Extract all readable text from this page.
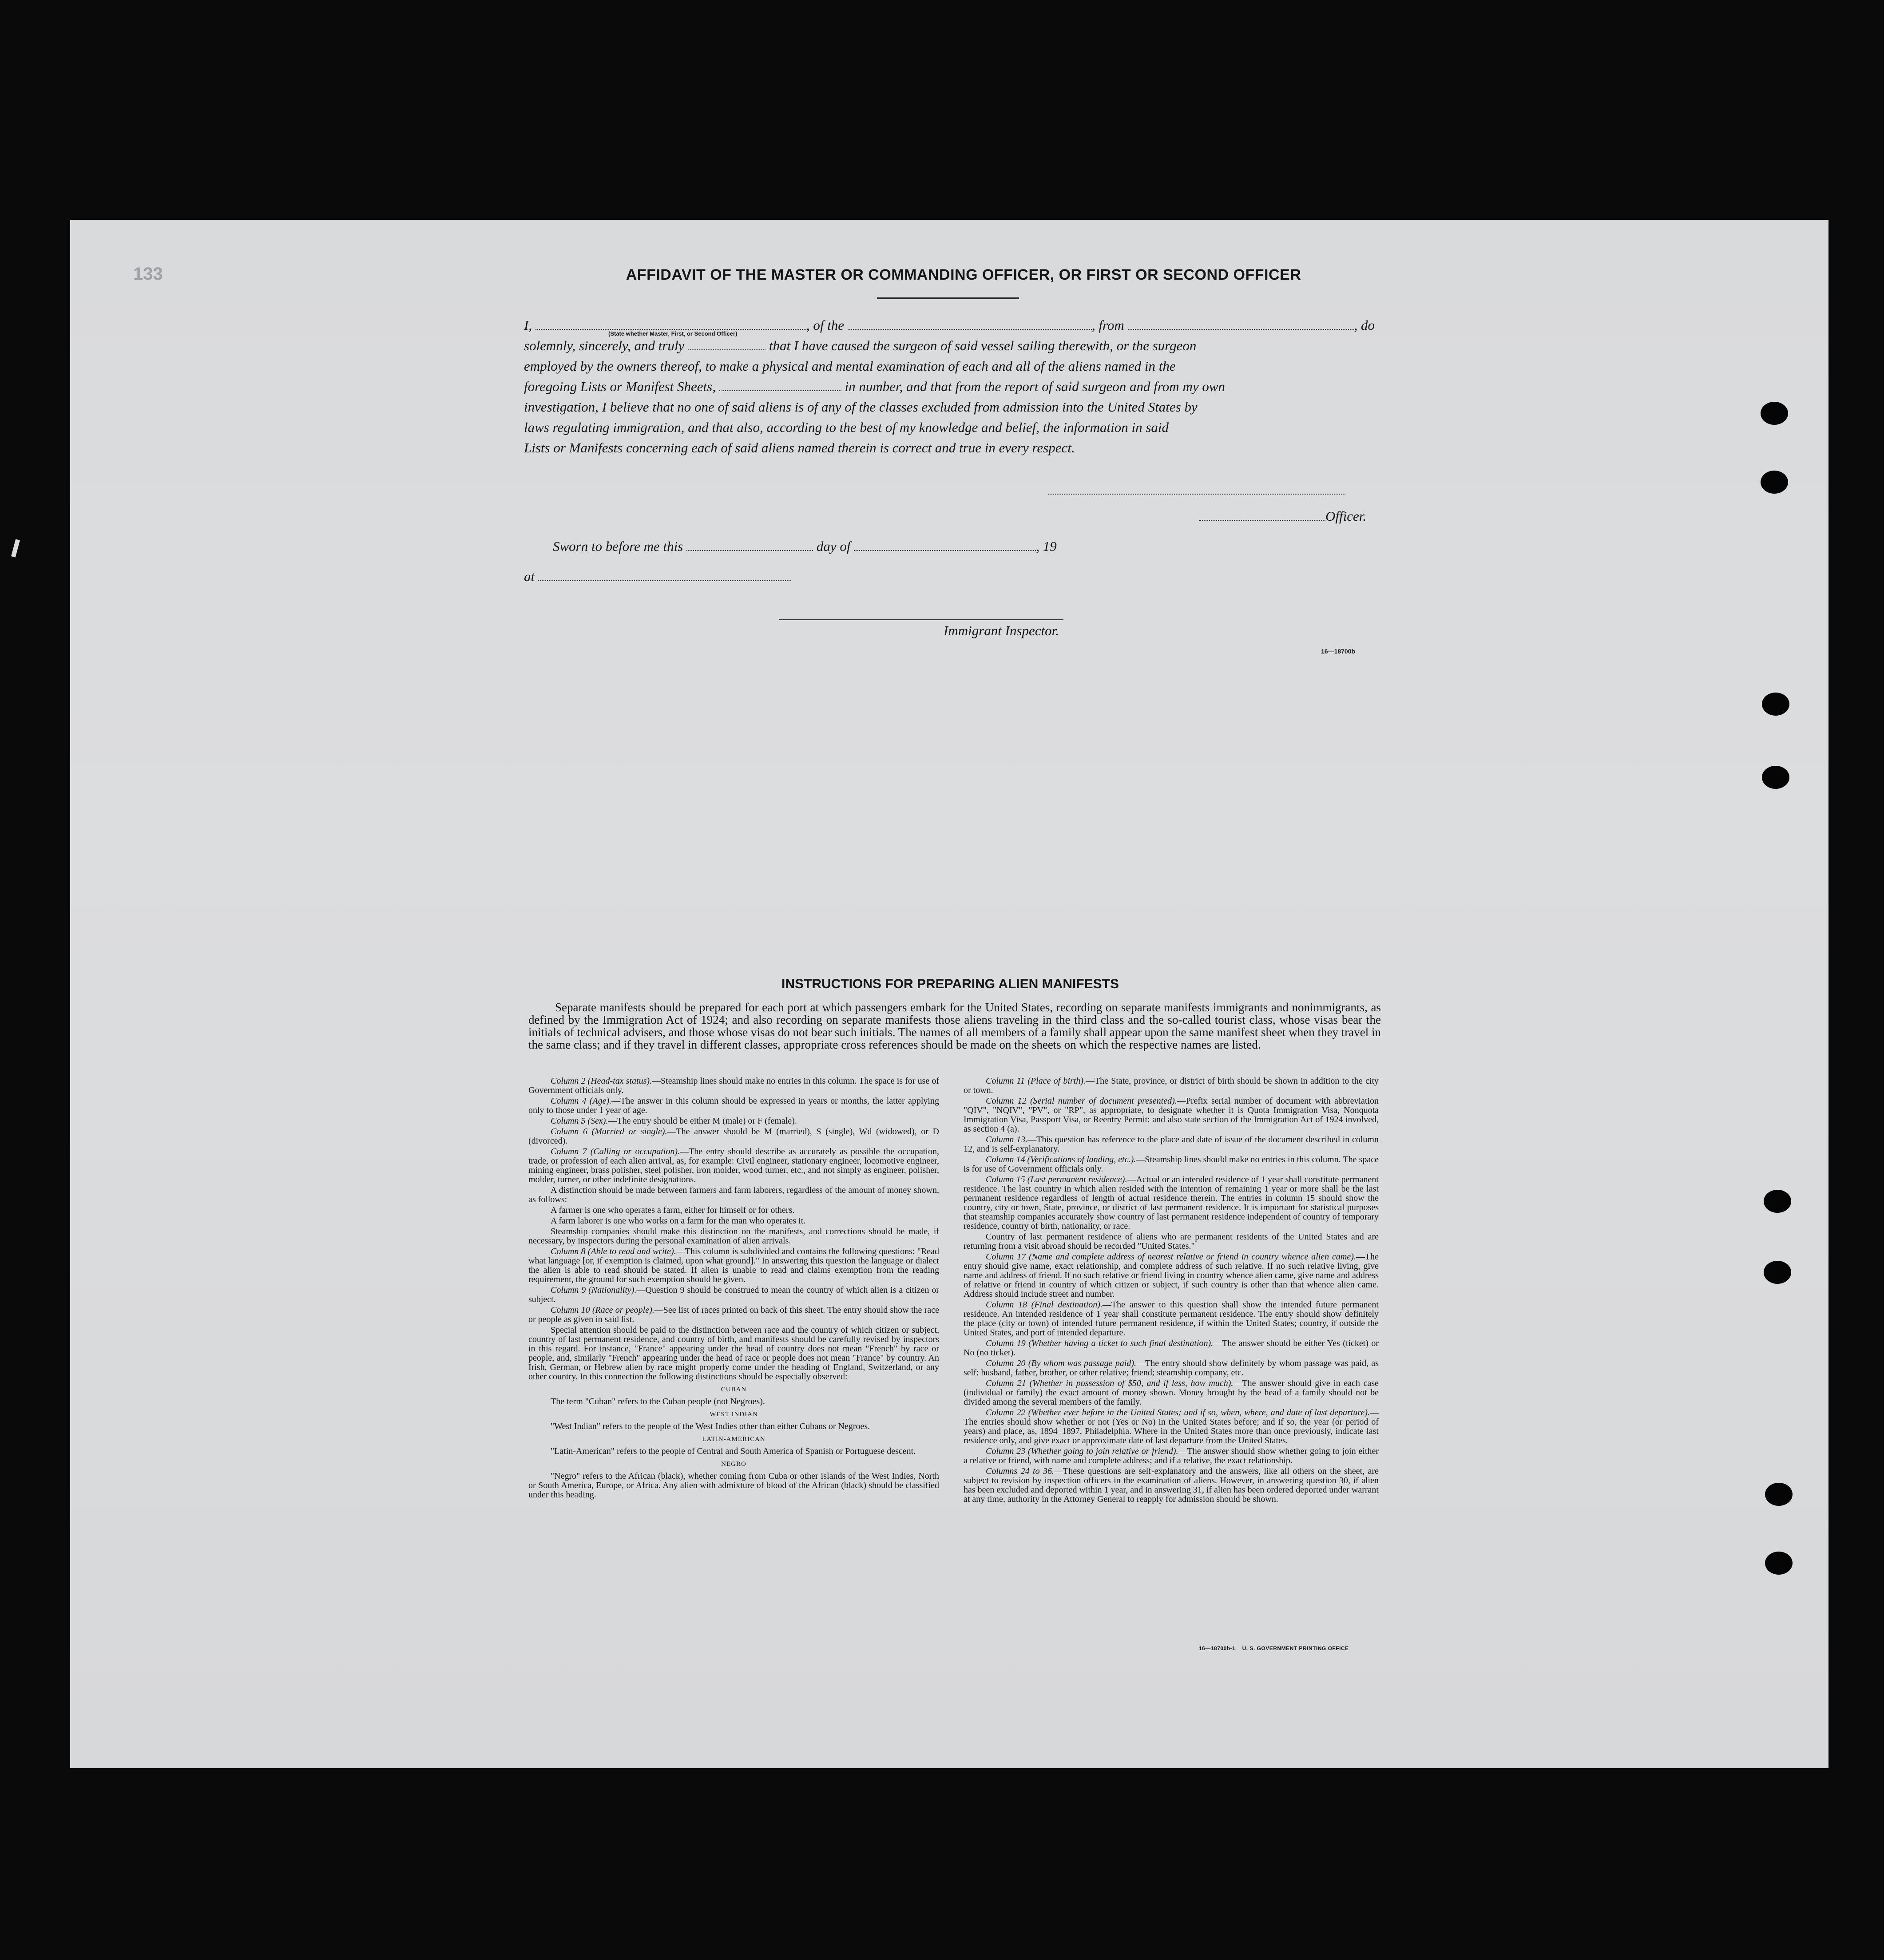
133	AFFIDAVIT OF THE MASTER OR COMMANDING OFFICER, OR FIRST OR SECOND OFFICER
I,	, of the	, from	, do
(State whether Master, First, or Second Officer)
solemnly, sincerely, and truly	that I have caused the surgeon of said vessel sailing therewith, or the surgeon
employed by the owners thereof, to make a physical and mental examination of each and all of the aliens named in the
foregoing Lists or Manifest Sheets,	in number, and that from the report of said surgeon and from my own
investigation, I believe that no one of said aliens is of any of the classes excluded from admission into the United States by
laws regulating immigration, and that also, according to the best of my knowledge and belief, the information in said
Lists or Manifests concerning each of said aliens named therein is correct and true in every respect.
Officer.
Sworn to before me this	day of	, 19
at
Immigrant Inspector.
16—18700b
INSTRUCTIONS FOR PREPARING ALIEN MANIFESTS
Separate manifests should be prepared for each port at which passengers embark for the United States, recording on separate manifests immigrants and nonimmigrants, as defined by the Immigration Act of 1924; and also recording on separate manifests those aliens traveling in the third class and the so-called tourist class, whose visas bear the initials of technical advisers, and those whose visas do not bear such initials. The names of all members of a family shall appear upon the same manifest sheet when they travel in the same class; and if they travel in different classes, appropriate cross references should be made on the sheets on which the respective names are listed.

Column 2 (Head-tax status).—Steamship lines should make no entries in this column. The space is for use of Government officials only.

Column 4 (Age).—The answer in this column should be expressed in years or months, the latter applying only to those under 1 year of age.

Column 5 (Sex).—The entry should be either M (male) or F (female).

Column 6 (Married or single).—The answer should be M (married), S (single), Wd (widowed), or D (divorced).

Column 7 (Calling or occupation).—The entry should describe as accurately as possible the occupation, trade, or profession of each alien arrival, as, for example: Civil engineer, stationary engineer, locomotive engineer, mining engineer, brass polisher, steel polisher, iron molder, wood turner, etc., and not simply as engineer, polisher, molder, turner, or other indefinite designations.

A distinction should be made between farmers and farm laborers, regardless of the amount of money shown, as follows:

A farmer is one who operates a farm, either for himself or for others.

A farm laborer is one who works on a farm for the man who operates it.

Steamship companies should make this distinction on the manifests, and corrections should be made, if necessary, by inspectors during the personal examination of alien arrivals.

Column 8 (Able to read and write).—This column is subdivided and contains the following questions: "Read what language [or, if exemption is claimed, upon what ground]." In answering this question the language or dialect the alien is able to read should be stated. If alien is unable to read and claims exemption from the reading requirement, the ground for such exemption should be given.

Column 9 (Nationality).—Question 9 should be construed to mean the country of which alien is a citizen or subject.

Column 10 (Race or people).—See list of races printed on back of this sheet. The entry should show the race or people as given in said list.

Special attention should be paid to the distinction between race and the country of which citizen or subject, country of last permanent residence, and country of birth, and manifests should be carefully revised by inspectors in this regard. For instance, "France" appearing under the head of country does not mean "French" by race or people, and, similarly "French" appearing under the head of race or people does not mean "France" by country. An Irish, German, or Hebrew alien by race might properly come under the heading of England, Switzerland, or any other country. In this connection the following distinctions should be especially observed:

CUBAN

The term "Cuban" refers to the Cuban people (not Negroes).

WEST INDIAN

"West Indian" refers to the people of the West Indies other than either Cubans or Negroes.

LATIN-AMERICAN

"Latin-American" refers to the people of Central and South America of Spanish or Portuguese descent.

NEGRO

"Negro" refers to the African (black), whether coming from Cuba or other islands of the West Indies, North or South America, Europe, or Africa. Any alien with admixture of blood of the African (black) should be classified under this heading.

Column 11 (Place of birth).—The State, province, or district of birth should be shown in addition to the city or town.

Column 12 (Serial number of document presented).—Prefix serial number of document with abbreviation "QIV", "NQIV", "PV", or "RP", as appropriate, to designate whether it is Quota Immigration Visa, Nonquota Immigration Visa, Passport Visa, or Reentry Permit; and also state section of the Immigration Act of 1924 involved, as section 4 (a).

Column 13.—This question has reference to the place and date of issue of the document described in column 12, and is self-explanatory.

Column 14 (Verifications of landing, etc.).—Steamship lines should make no entries in this column. The space is for use of Government officials only.

Column 15 (Last permanent residence).—Actual or an intended residence of 1 year shall constitute permanent residence. The last country in which alien resided with the intention of remaining 1 year or more shall be the last permanent residence regardless of length of actual residence therein. The entries in column 15 should show the country, city or town, State, province, or district of last permanent residence. It is important for statistical purposes that steamship companies accurately show country of last permanent residence independent of country of temporary residence, country of birth, nationality, or race.

Country of last permanent residence of aliens who are permanent residents of the United States and are returning from a visit abroad should be recorded "United States."

Column 17 (Name and complete address of nearest relative or friend in country whence alien came).—The entry should give name, exact relationship, and complete address of such relative. If no such relative living, give name and address of friend. If no such relative or friend living in country whence alien came, give name and address of relative or friend in country of which citizen or subject, if such country is other than that whence alien came. Address should include street and number.

Column 18 (Final destination).—The answer to this question shall show the intended future permanent residence. An intended residence of 1 year shall constitute permanent residence. The entry should show definitely the place (city or town) of intended future permanent residence, if within the United States; country, if outside the United States, and port of intended departure.

Column 19 (Whether having a ticket to such final destination).—The answer should be either Yes (ticket) or No (no ticket).

Column 20 (By whom was passage paid).—The entry should show definitely by whom passage was paid, as self; husband, father, brother, or other relative; friend; steamship company, etc.

Column 21 (Whether in possession of $50, and if less, how much).—The answer should give in each case (individual or family) the exact amount of money shown. Money brought by the head of a family should not be divided among the several members of the family.

Column 22 (Whether ever before in the United States; and if so, when, where, and date of last departure).—The entries should show whether or not (Yes or No) in the United States before; and if so, the year (or period of years) and place, as, 1894–1897, Philadelphia. Where in the United States more than once previously, indicate last residence only, and give exact or approximate date of last departure from the United States.

Column 23 (Whether going to join relative or friend).—The answer should show whether going to join either a relative or friend, with name and complete address; and if a relative, the exact relationship.

Columns 24 to 36.—These questions are self-explanatory and the answers, like all others on the sheet, are subject to revision by inspection officers in the examination of aliens. However, in answering question 30, if alien has been excluded and deported within 1 year, and in answering 31, if alien has been ordered deported under warrant at any time, authority in the Attorney General to reapply for admission should be shown.

16—18700b-1 U. S. GOVERNMENT PRINTING OFFICE
